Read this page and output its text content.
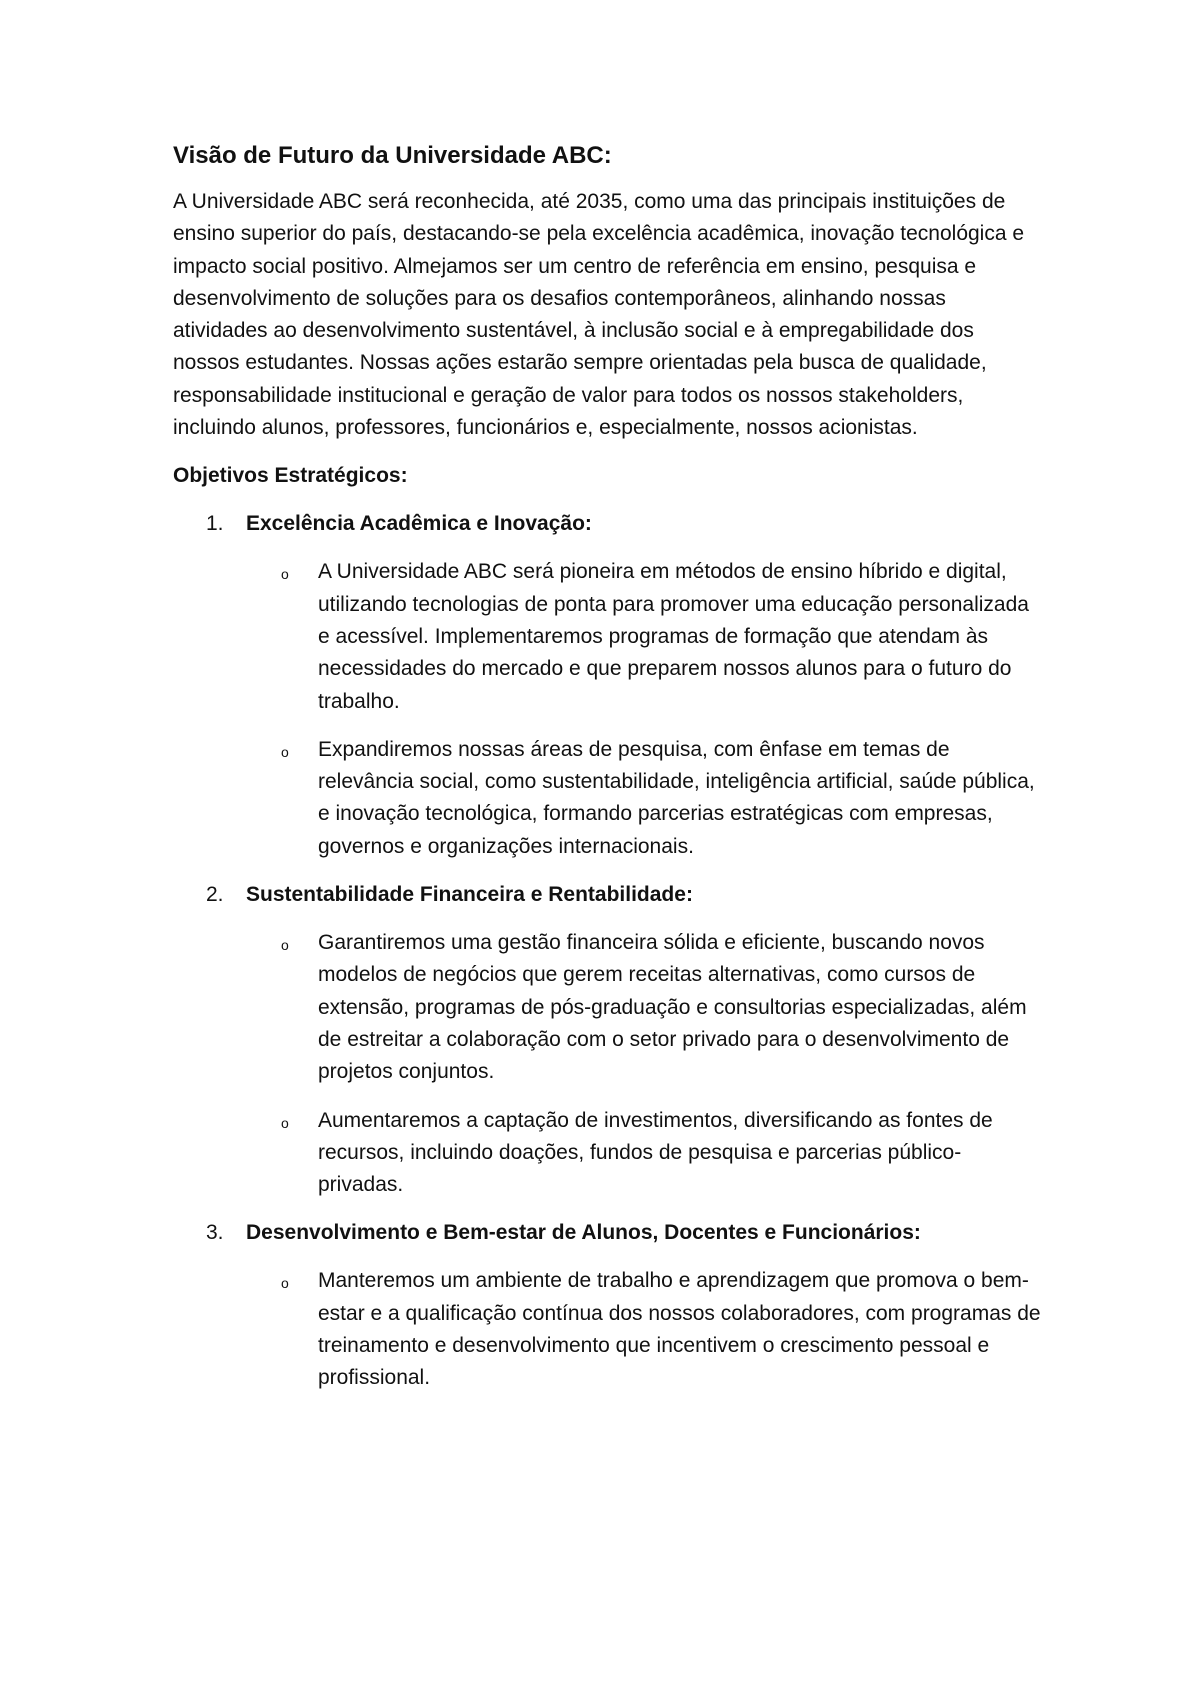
Visão de Futuro da Universidade ABC:

A Universidade ABC será reconhecida, até 2035, como uma das principais instituições de ensino superior do país, destacando-se pela excelência acadêmica, inovação tecnológica e impacto social positivo. Almejamos ser um centro de referência em ensino, pesquisa e desenvolvimento de soluções para os desafios contemporâneos, alinhando nossas atividades ao desenvolvimento sustentável, à inclusão social e à empregabilidade dos nossos estudantes. Nossas ações estarão sempre orientadas pela busca de qualidade, responsabilidade institucional e geração de valor para todos os nossos stakeholders, incluindo alunos, professores, funcionários e, especialmente, nossos acionistas.

Objetivos Estratégicos:
1. Excelência Acadêmica e Inovação:
o A Universidade ABC será pioneira em métodos de ensino híbrido e digital, utilizando tecnologias de ponta para promover uma educação personalizada e acessível. Implementaremos programas de formação que atendam às necessidades do mercado e que preparem nossos alunos para o futuro do trabalho.
o Expandiremos nossas áreas de pesquisa, com ênfase em temas de relevância social, como sustentabilidade, inteligência artificial, saúde pública, e inovação tecnológica, formando parcerias estratégicas com empresas, governos e organizações internacionais.
2. Sustentabilidade Financeira e Rentabilidade:
o Garantiremos uma gestão financeira sólida e eficiente, buscando novos modelos de negócios que gerem receitas alternativas, como cursos de extensão, programas de pós-graduação e consultorias especializadas, além de estreitar a colaboração com o setor privado para o desenvolvimento de projetos conjuntos.
o Aumentaremos a captação de investimentos, diversificando as fontes de recursos, incluindo doações, fundos de pesquisa e parcerias público-privadas.
3. Desenvolvimento e Bem-estar de Alunos, Docentes e Funcionários:
o Manteremos um ambiente de trabalho e aprendizagem que promova o bem-estar e a qualificação contínua dos nossos colaboradores, com programas de treinamento e desenvolvimento que incentivem o crescimento pessoal e profissional.
